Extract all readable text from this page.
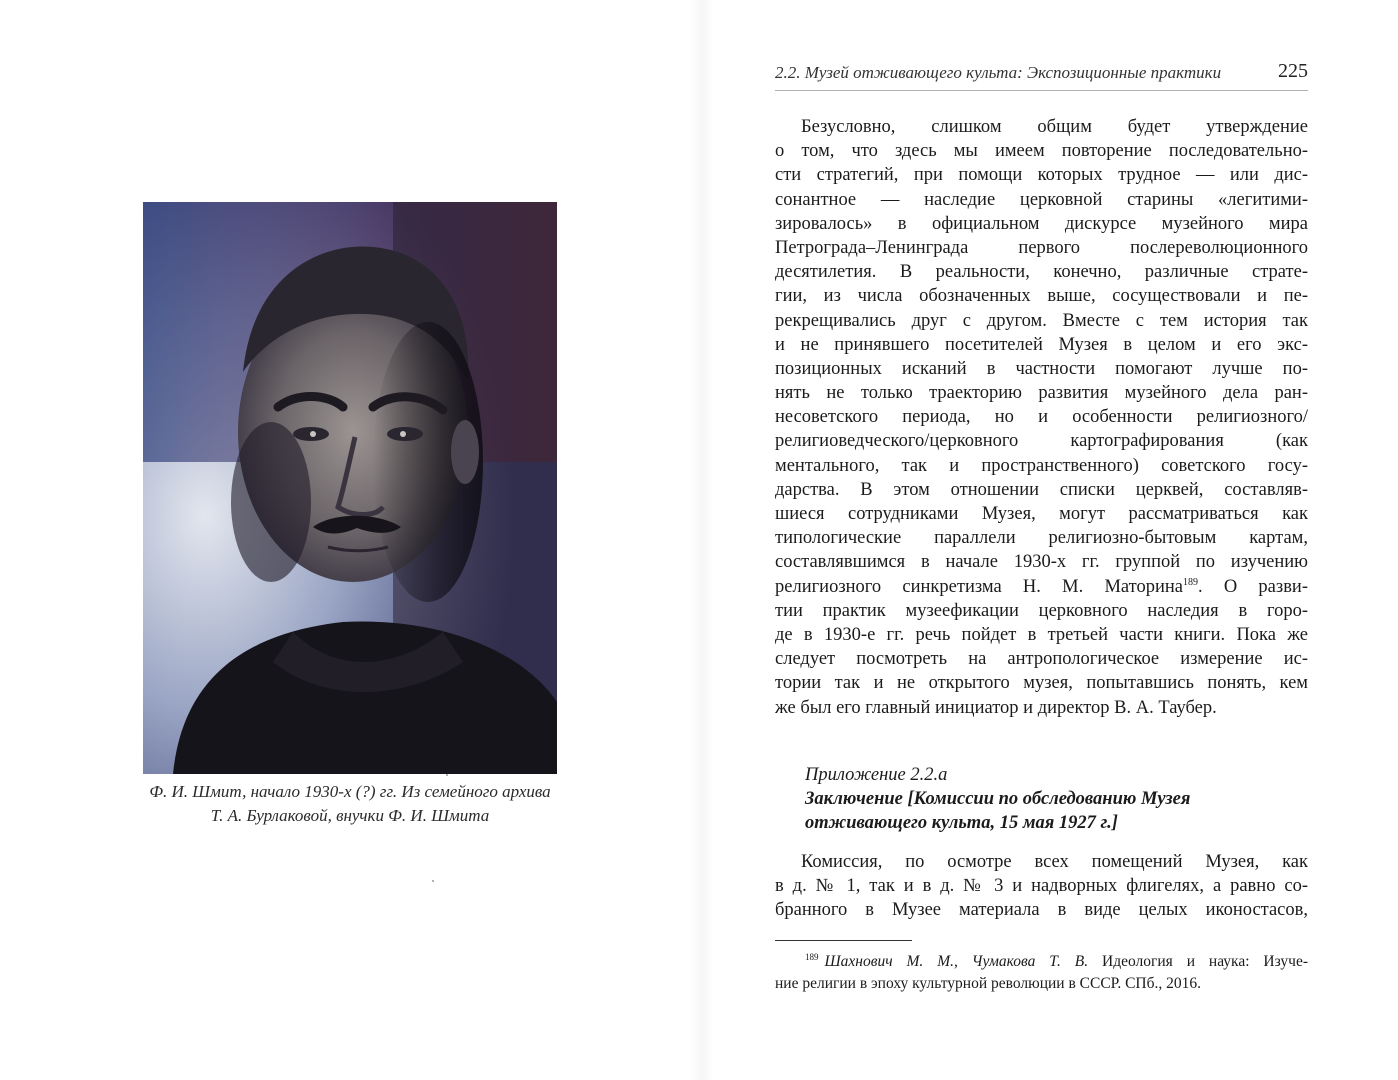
Ф. И. Шмит, начало 1930-х (?) гг. Из семейного архива
Т. А. Бурлаковой, внучки Ф. И. Шмита
2.2. Музей отживающего культа: Экспозиционные практики	225
Безусловно, слишком общим будет утверждение
о том, что здесь мы имеем повторение последовательно-
сти стратегий, при помощи которых трудное — или дис-
сонантное — наследие церковной старины «легитими-
зировалось» в официальном дискурсе музейного мира
Петрограда–Ленинграда первого послереволюционного
десятилетия. В реальности, конечно, различные страте-
гии, из числа обозначенных выше, сосуществовали и пе-
рекрещивались друг с другом. Вместе с тем история так
и не принявшего посетителей Музея в целом и его экс-
позиционных исканий в частности помогают лучше по-
нять не только траекторию развития музейного дела ран-
несоветского периода, но и особенности религиозного/
религиоведческого/церковного картографирования (как
ментального, так и пространственного) советского госу-
дарства. В этом отношении списки церквей, составляв-
шиеся сотрудниками Музея, могут рассматриваться как
типологические параллели религиозно-бытовым картам,
составлявшимся в начале 1930-х гг. группой по изучению
религиозного синкретизма Н. М. Маторина$^{189}$. О разви-
тии практик музеефикации церковного наследия в горо-
де в 1930-е гг. речь пойдет в третьей части книги. Пока же
следует посмотреть на антропологическое измерение ис-
тории так и не открытого музея, попытавшись понять, кем
же был его главный инициатор и директор В. А. Таубер.
Приложение 2.2.а
Заключение [Комиссии по обследованию Музея
отживающего культа, 15 мая 1927 г.]
Комиссия, по осмотре всех помещений Музея, как
в д. № 1, так и в д. № 3 и надворных флигелях, а равно со-
бранного в Музее материала в виде целых иконостасов,
$^{189}$ Шахнович М. М., Чумакова Т. В. Идеология и наука: Изуче-
ние религии в эпоху культурной революции в СССР. СПб., 2016.
